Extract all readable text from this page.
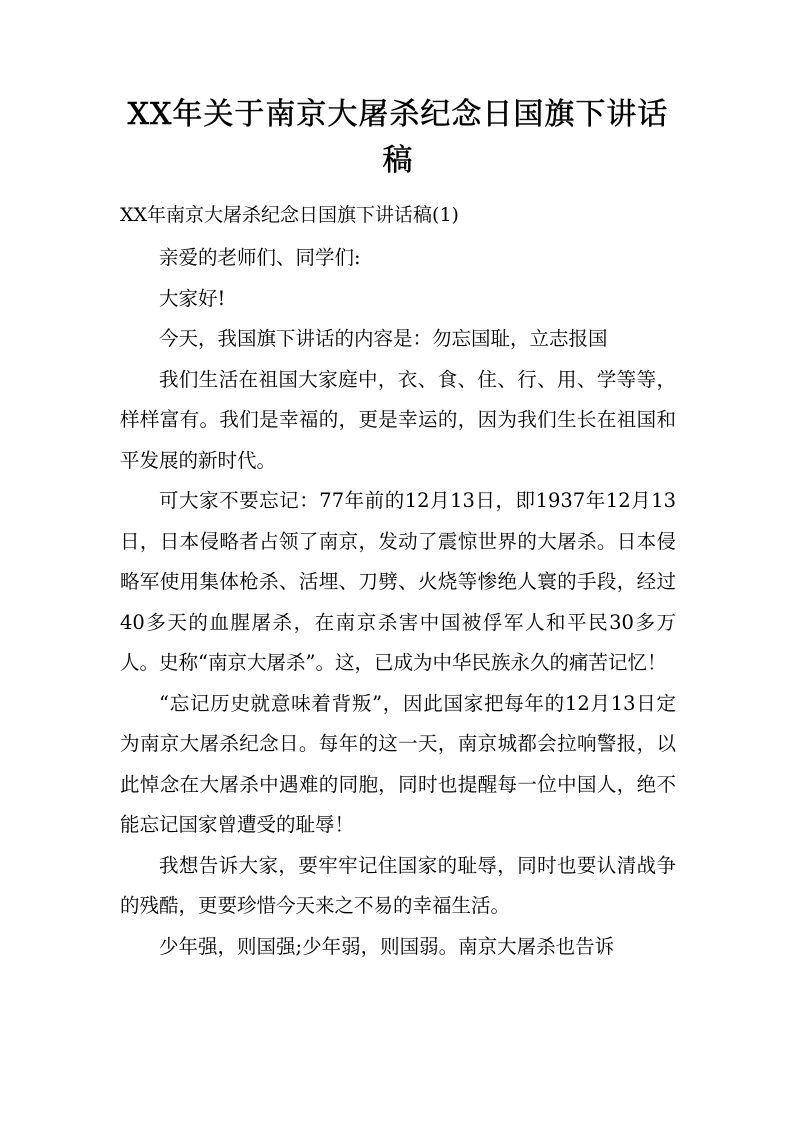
XX年关于南京大屠杀纪念日国旗下讲话稿

XX年南京大屠杀纪念日国旗下讲话稿(1)

亲爱的老师们、同学们:

大家好!

今天，我国旗下讲话的内容是：勿忘国耻，立志报国

我们生活在祖国大家庭中，衣、食、住、行、用、学等等，样样富有。我们是幸福的，更是幸运的，因为我们生长在祖国和平发展的新时代。

可大家不要忘记：77年前的12月13日，即1937年12月13日，日本侵略者占领了南京，发动了震惊世界的大屠杀。日本侵略军使用集体枪杀、活埋、刀劈、火烧等惨绝人寰的手段，经过40多天的血腥屠杀，在南京杀害中国被俘军人和平民30多万人。史称“南京大屠杀”。这，已成为中华民族永久的痛苦记忆！

“忘记历史就意味着背叛”，因此国家把每年的12月13日定为南京大屠杀纪念日。每年的这一天，南京城都会拉响警报，以此悼念在大屠杀中遇难的同胞，同时也提醒每一位中国人，绝不能忘记国家曾遭受的耻辱！

我想告诉大家，要牢牢记住国家的耻辱，同时也要认清战争的残酷，更要珍惜今天来之不易的幸福生活。

少年强，则国强;少年弱，则国弱。南京大屠杀也告诉
